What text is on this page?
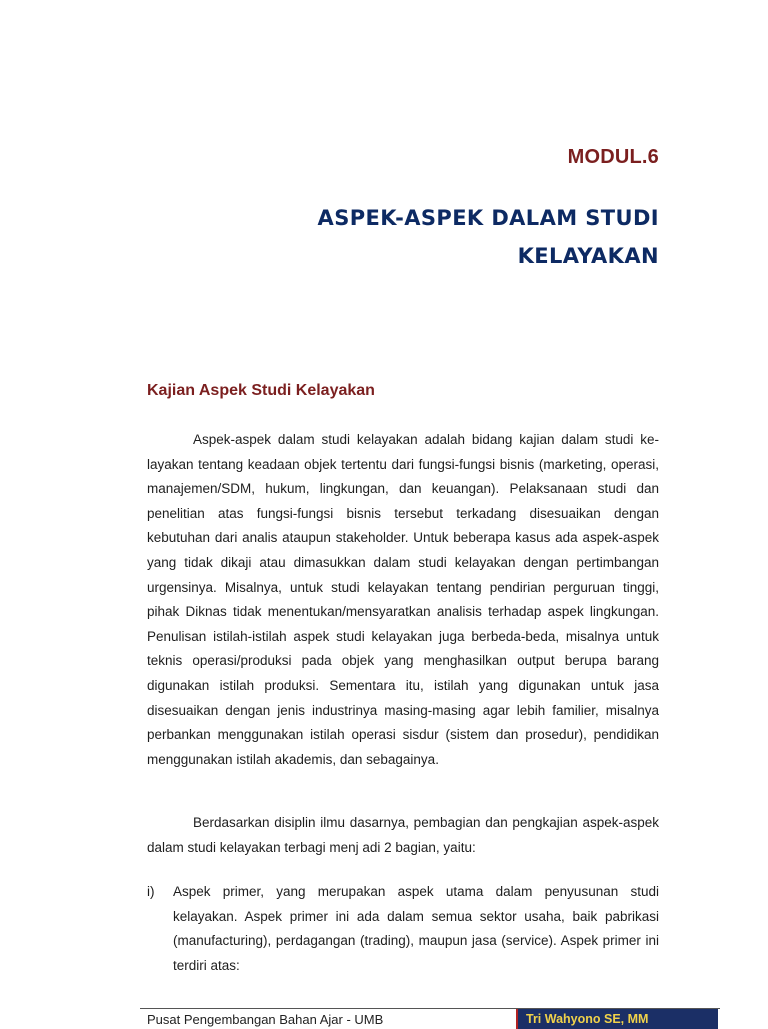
MODUL.6
ASPEK-ASPEK DALAM STUDI
KELAYAKAN
Kajian Aspek Studi Kelayakan

Aspek-aspek dalam studi kelayakan adalah bidang kajian dalam studi ke-layakan tentang keadaan objek tertentu dari fungsi-fungsi bisnis (marketing, operasi, manajemen/SDM, hukum, lingkungan, dan keuangan). Pelaksanaan studi dan penelitian atas fungsi-fungsi bisnis tersebut terkadang disesuaikan dengan kebutuhan dari analis ataupun stakeholder. Untuk beberapa kasus ada aspek-aspek yang tidak dikaji atau dimasukkan dalam studi kelayakan dengan pertimbangan urgensinya. Misalnya, untuk studi kelayakan tentang pendirian perguruan tinggi, pihak Diknas tidak menentukan/mensyaratkan analisis terhadap aspek lingkungan. Penulisan istilah-istilah aspek studi kelayakan juga berbeda-beda, misalnya untuk teknis operasi/produksi pada objek yang menghasilkan output berupa barang digunakan istilah produksi. Sementara itu, istilah yang digunakan untuk jasa disesuaikan dengan jenis industrinya masing-masing agar lebih familier, misalnya perbankan menggunakan istilah operasi sisdur (sistem dan prosedur), pendidikan menggunakan istilah akademis, dan sebagainya.

Berdasarkan disiplin ilmu dasarnya, pembagian dan pengkajian aspek-aspek dalam studi kelayakan terbagi menj adi 2 bagian, yaitu:

i) Aspek primer, yang merupakan aspek utama dalam penyusunan studi kelayakan. Aspek primer ini ada dalam semua sektor usaha, baik pabrikasi (manufacturing), perdagangan (trading), maupun jasa (service). Aspek primer ini terdiri atas:

Pusat Pengembangan Bahan Ajar - UMB	Tri Wahyono SE, MM
